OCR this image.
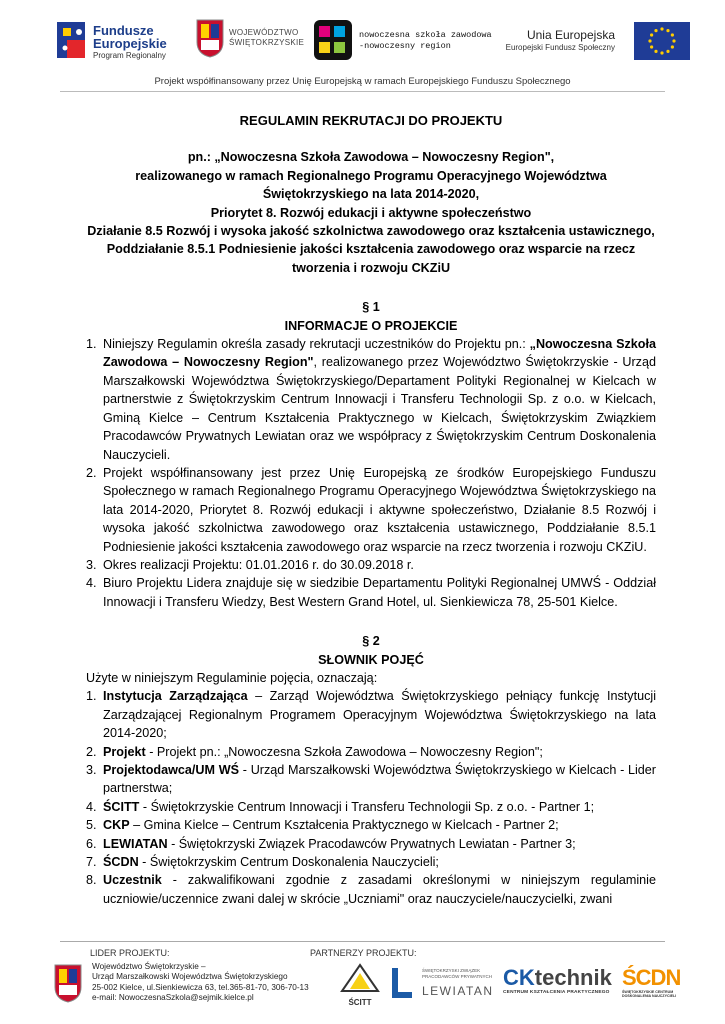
Fundusze
Europejskie
Program Regionalny
WOJEWÓDZTWO
ŚWIĘTOKRZYSKIE
nowoczesna szkoła zawodowa
-nowoczesny region
Unia Europejska
Europejski Fundusz Społeczny
Projekt współfinansowany przez Unię Europejską w ramach Europejskiego Funduszu Społecznego

REGULAMIN REKRUTACJI DO PROJEKTU

pn.: „Nowoczesna Szkoła Zawodowa – Nowoczesny Region",

realizowanego w ramach Regionalnego Programu Operacyjnego Województwa

Świętokrzyskiego na lata 2014-2020,

Priorytet 8. Rozwój edukacji i aktywne społeczeństwo

Działanie 8.5 Rozwój i wysoka jakość szkolnictwa zawodowego oraz kształcenia ustawicznego,

Poddziałanie 8.5.1 Podniesienie jakości kształcenia zawodowego oraz wsparcie na rzecz

tworzenia i rozwoju CKZiU

§ 1

INFORMACJE O PROJEKCIE

1. Niniejszy Regulamin określa zasady rekrutacji uczestników do Projektu pn.: „Nowoczesna Szkoła Zawodowa – Nowoczesny Region", realizowanego przez Województwo Świętokrzyskie - Urząd Marszałkowski Województwa Świętokrzyskiego/Departament Polityki Regionalnej w Kielcach w partnerstwie z Świętokrzyskim Centrum Innowacji i Transferu Technologii Sp. z o.o. w Kielcach, Gminą Kielce – Centrum Kształcenia Praktycznego w Kielcach, Świętokrzyskim Związkiem Pracodawców Prywatnych Lewiatan oraz we współpracy z Świętokrzyskim Centrum Doskonalenia Nauczycieli.
2. Projekt współfinansowany jest przez Unię Europejską ze środków Europejskiego Funduszu Społecznego w ramach Regionalnego Programu Operacyjnego Województwa Świętokrzyskiego na lata 2014-2020, Priorytet 8. Rozwój edukacji i aktywne społeczeństwo, Działanie 8.5 Rozwój i wysoka jakość szkolnictwa zawodowego oraz kształcenia ustawicznego, Poddziałanie 8.5.1 Podniesienie jakości kształcenia zawodowego oraz wsparcie na rzecz tworzenia i rozwoju CKZiU.
3. Okres realizacji Projektu: 01.01.2016 r. do 30.09.2018 r.
4. Biuro Projektu Lidera znajduje się w siedzibie Departamentu Polityki Regionalnej UMWŚ - Oddział Innowacji i Transferu Wiedzy, Best Western Grand Hotel, ul. Sienkiewicza 78, 25-501 Kielce.

§ 2

SŁOWNIK POJĘĆ

Użyte w niniejszym Regulaminie pojęcia, oznaczają:

1. Instytucja Zarządzająca – Zarząd Województwa Świętokrzyskiego pełniący funkcję Instytucji Zarządzającej Regionalnym Programem Operacyjnym Województwa Świętokrzyskiego na lata 2014-2020;
2. Projekt - Projekt pn.: „Nowoczesna Szkoła Zawodowa – Nowoczesny Region";
3. Projektodawca/UM WŚ - Urząd Marszałkowski Województwa Świętokrzyskiego w Kielcach - Lider partnerstwa;
4. ŚCITT - Świętokrzyskie Centrum Innowacji i Transferu Technologii Sp. z o.o. - Partner 1;
5. CKP – Gmina Kielce – Centrum Kształcenia Praktycznego w Kielcach - Partner 2;
6. LEWIATAN - Świętokrzyski Związek Pracodawców Prywatnych Lewiatan - Partner 3;
7. ŚCDN - Świętokrzyskim Centrum Doskonalenia Nauczycieli;
8. Uczestnik - zakwalifikowani zgodnie z zasadami określonymi w niniejszym regulaminie uczniowie/uczennice zwani dalej w skrócie „Uczniami" oraz nauczyciele/nauczycielki, zwani
LIDER PROJEKTU:	PARTNERZY PROJEKTU:
Województwo Świętokrzyskie –
Urząd Marszałkowski Województwa Świętokrzyskiego
25-002 Kielce, ul.Sienkiewicza 63, tel.365-81-70, 306-70-13
e-mail: NowoczesnaSzkola@sejmik.kielce.pl
ŚCITT
ŚWIĘTOKRZYSKI ZWIĄZEK PRACODAWCÓW PRYWATNYCH
LEWIATAN
CKtechnik
CENTRUM KSZTAŁCENIA PRAKTYCZNEGO
ŚCDN
ŚWIĘTOKRZYSKIE CENTRUM DOSKONALENIA NAUCZYCIELI
